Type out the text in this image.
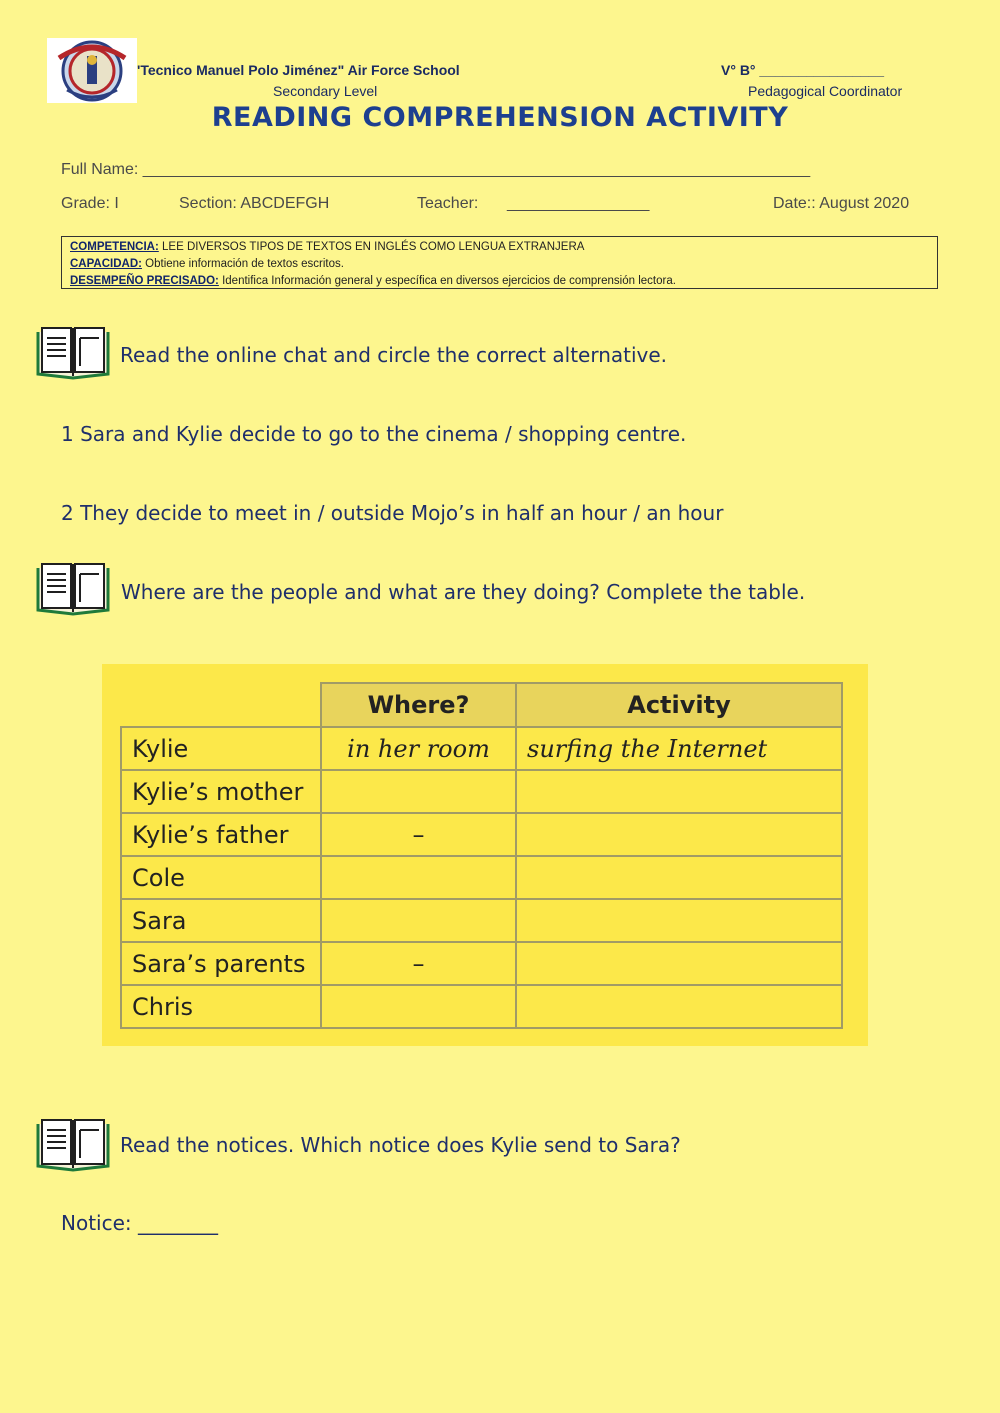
'Tecnico Manuel Polo Jiménez" Air Force School
Secondary Level
V° B° ________________
Pedagogical Coordinator
READING COMPREHENSION ACTIVITY
Full Name: ___________________________________________________________________________
Grade: I	Section: ABCDEFGH	Teacher: ________________	Date:: August 2020
COMPETENCIA: LEE DIVERSOS TIPOS DE TEXTOS EN INGLÉS COMO LENGUA EXTRANJERA
CAPACIDAD: Obtiene información de textos escritos.
DESEMPEÑO PRECISADO: Identifica Información general y específica en diversos ejercicios de comprensión lectora.
Read the online chat and circle the correct alternative.
1 Sara and Kylie decide to go to the cinema / shopping centre.
2 They decide to meet in / outside Mojo’s in half an hour / an hour
Where are the people and what are they doing? Complete the table.
	Where?	Activity
Kylie	in her room	surfing the Internet
Kylie’s mother		
Kylie’s father	–	
Cole		
Sara		
Sara’s parents	–	
Chris		
Read the notices. Which notice does Kylie send to Sara?
Notice: ________
